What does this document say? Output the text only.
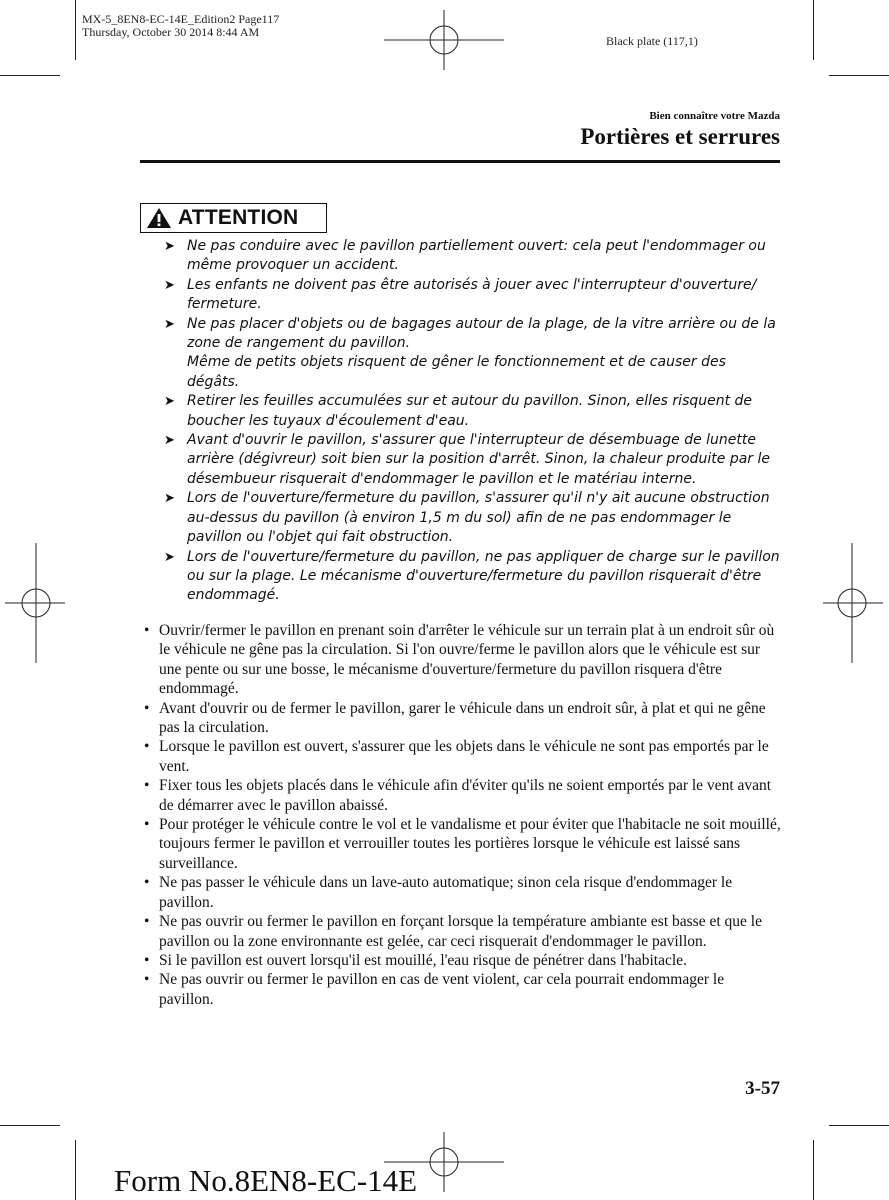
MX-5_8EN8-EC-14E_Edition2 Page117
Thursday, October 30 2014 8:44 AM
Black plate (117,1)
Bien connaître votre Mazda
Portières et serrures
ATTENTION
➤ Ne pas conduire avec le pavillon partiellement ouvert: cela peut l'endommager ou même provoquer un accident.
➤ Les enfants ne doivent pas être autorisés à jouer avec l'interrupteur d'ouverture/ fermeture.
➤ Ne pas placer d'objets ou de bagages autour de la plage, de la vitre arrière ou de la zone de rangement du pavillon.
Même de petits objets risquent de gêner le fonctionnement et de causer des dégâts.
➤ Retirer les feuilles accumulées sur et autour du pavillon. Sinon, elles risquent de boucher les tuyaux d'écoulement d'eau.
➤ Avant d'ouvrir le pavillon, s'assurer que l'interrupteur de désembuage de lunette arrière (dégivreur) soit bien sur la position d'arrêt. Sinon, la chaleur produite par le désembueur risquerait d'endommager le pavillon et le matériau interne.
➤ Lors de l'ouverture/fermeture du pavillon, s'assurer qu'il n'y ait aucune obstruction au-dessus du pavillon (à environ 1,5 m du sol) afin de ne pas endommager le pavillon ou l'objet qui fait obstruction.
➤ Lors de l'ouverture/fermeture du pavillon, ne pas appliquer de charge sur le pavillon ou sur la plage. Le mécanisme d'ouverture/fermeture du pavillon risquerait d'être endommagé.
• Ouvrir/fermer le pavillon en prenant soin d'arrêter le véhicule sur un terrain plat à un endroit sûr où le véhicule ne gêne pas la circulation. Si l'on ouvre/ferme le pavillon alors que le véhicule est sur une pente ou sur une bosse, le mécanisme d'ouverture/fermeture du pavillon risquera d'être endommagé.
• Avant d'ouvrir ou de fermer le pavillon, garer le véhicule dans un endroit sûr, à plat et qui ne gêne pas la circulation.
• Lorsque le pavillon est ouvert, s'assurer que les objets dans le véhicule ne sont pas emportés par le vent.
• Fixer tous les objets placés dans le véhicule afin d'éviter qu'ils ne soient emportés par le vent avant de démarrer avec le pavillon abaissé.
• Pour protéger le véhicule contre le vol et le vandalisme et pour éviter que l'habitacle ne soit mouillé, toujours fermer le pavillon et verrouiller toutes les portières lorsque le véhicule est laissé sans surveillance.
• Ne pas passer le véhicule dans un lave-auto automatique; sinon cela risque d'endommager le pavillon.
• Ne pas ouvrir ou fermer le pavillon en forçant lorsque la température ambiante est basse et que le pavillon ou la zone environnante est gelée, car ceci risquerait d'endommager le pavillon.
• Si le pavillon est ouvert lorsqu'il est mouillé, l'eau risque de pénétrer dans l'habitacle.
• Ne pas ouvrir ou fermer le pavillon en cas de vent violent, car cela pourrait endommager le pavillon.
3-57
Form No.8EN8-EC-14E
